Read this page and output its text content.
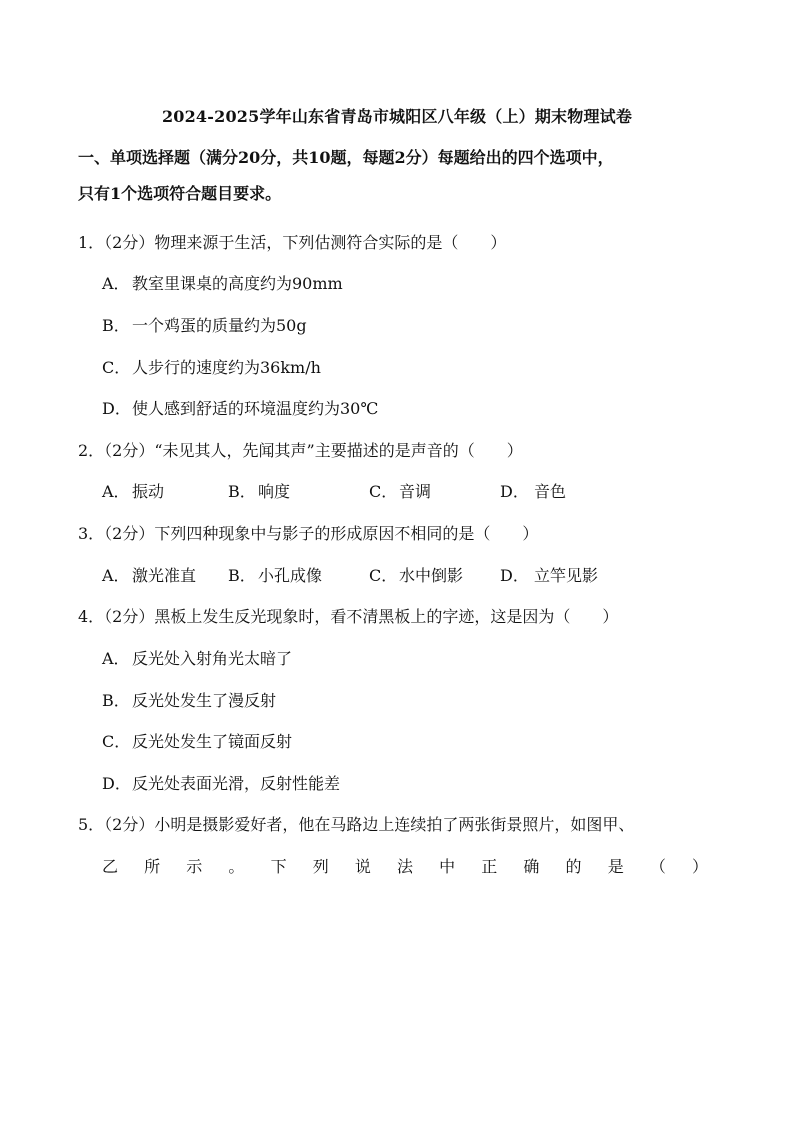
2024-2025学年山东省青岛市城阳区八年级（上）期末物理试卷
一、单项选择题（满分20分，共10题，每题2分）每题给出的四个选项中，
只有1个选项符合题目要求。
1．（2分）物理来源于生活，下列估测符合实际的是（　　）
A． 教室里课桌的高度约为90mm
B． 一个鸡蛋的质量约为50g
C． 人步行的速度约为36km/h
D．使人感到舒适的环境温度约为30℃
2．（2分）“未见其人，先闻其声”主要描述的是声音的（　　）
A． 振动	B． 响度	C． 音调	D． 音色
3．（2分）下列四种现象中与影子的形成原因不相同的是（　　）
A． 激光准直 B． 小孔成像	C． 水中倒影 D． 立竿见影
4．（2分）黑板上发生反光现象时，看不清黑板上的字迹，这是因为（　　）
A． 反光处入射角光太暗了
B． 反光处发生了漫反射
C． 反光处发生了镜面反射
D．反光处表面光滑，反射性能差
5．（2分）小明是摄影爱好者，他在马路边上连续拍了两张街景照片，如图甲、
乙 所 示 。 下 列 说 法 中 正 确 的 是 （ ）
